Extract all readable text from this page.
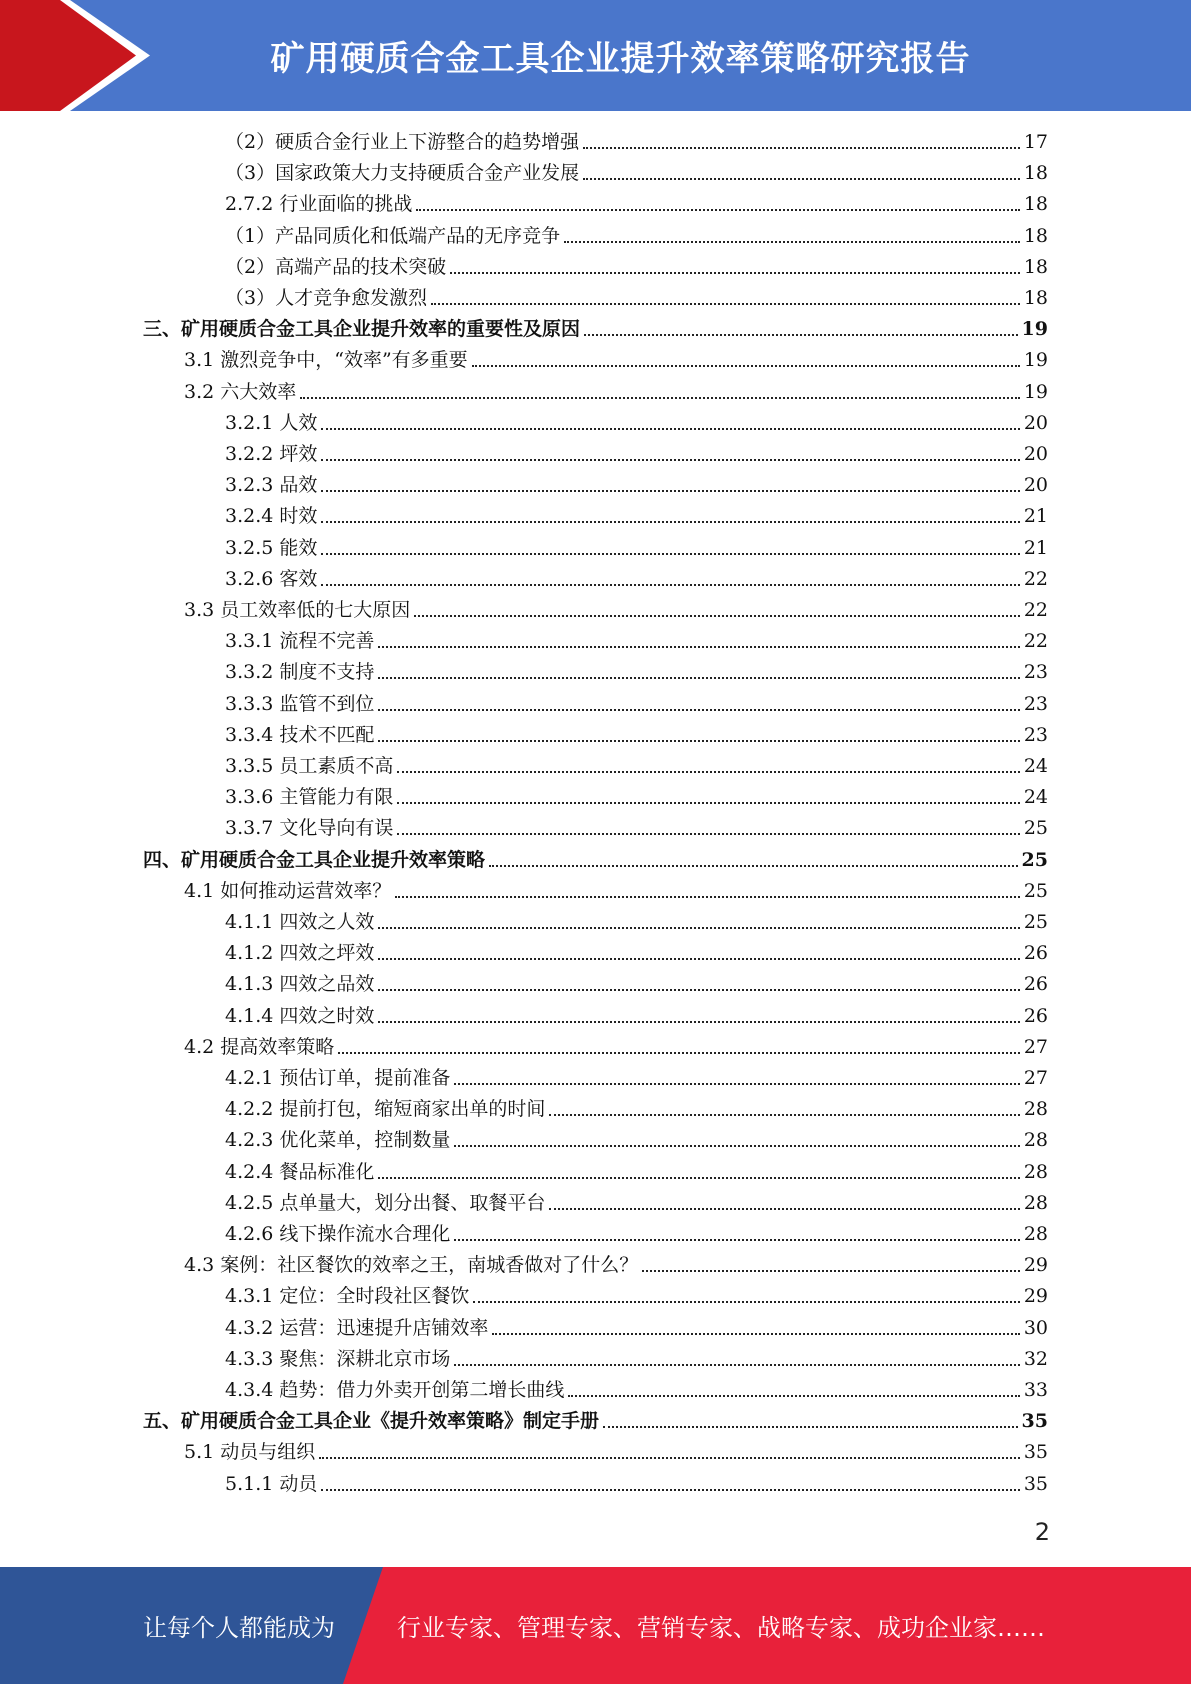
矿用硬质合金工具企业提升效率策略研究报告
（2）硬质合金行业上下游整合的趋势增强	17
（3）国家政策大力支持硬质合金产业发展	18
2.7.2 行业面临的挑战	18
（1）产品同质化和低端产品的无序竞争	18
（2）高端产品的技术突破	18
（3）人才竞争愈发激烈	18
三、矿用硬质合金工具企业提升效率的重要性及原因	19
3.1 激烈竞争中，“效率”有多重要	19
3.2 六大效率	19
3.2.1 人效	20
3.2.2 坪效	20
3.2.3 品效	20
3.2.4 时效	21
3.2.5 能效	21
3.2.6 客效	22
3.3 员工效率低的七大原因	22
3.3.1 流程不完善	22
3.3.2 制度不支持	23
3.3.3 监管不到位	23
3.3.4 技术不匹配	23
3.3.5 员工素质不高	24
3.3.6 主管能力有限	24
3.3.7 文化导向有误	25
四、矿用硬质合金工具企业提升效率策略	25
4.1 如何推动运营效率？	25
4.1.1 四效之人效	25
4.1.2 四效之坪效	26
4.1.3 四效之品效	26
4.1.4 四效之时效	26
4.2 提高效率策略	27
4.2.1 预估订单，提前准备	27
4.2.2 提前打包，缩短商家出单的时间	28
4.2.3 优化菜单，控制数量	28
4.2.4 餐品标准化	28
4.2.5 点单量大，划分出餐、取餐平台	28
4.2.6 线下操作流水合理化	28
4.3 案例：社区餐饮的效率之王，南城香做对了什么？	29
4.3.1 定位：全时段社区餐饮	29
4.3.2 运营：迅速提升店铺效率	30
4.3.3 聚焦：深耕北京市场	32
4.3.4 趋势：借力外卖开创第二增长曲线	33
五、矿用硬质合金工具企业《提升效率策略》制定手册	35
5.1 动员与组织	35
5.1.1 动员	35
2
让每个人都能成为	行业专家、管理专家、营销专家、战略专家、成功企业家……
